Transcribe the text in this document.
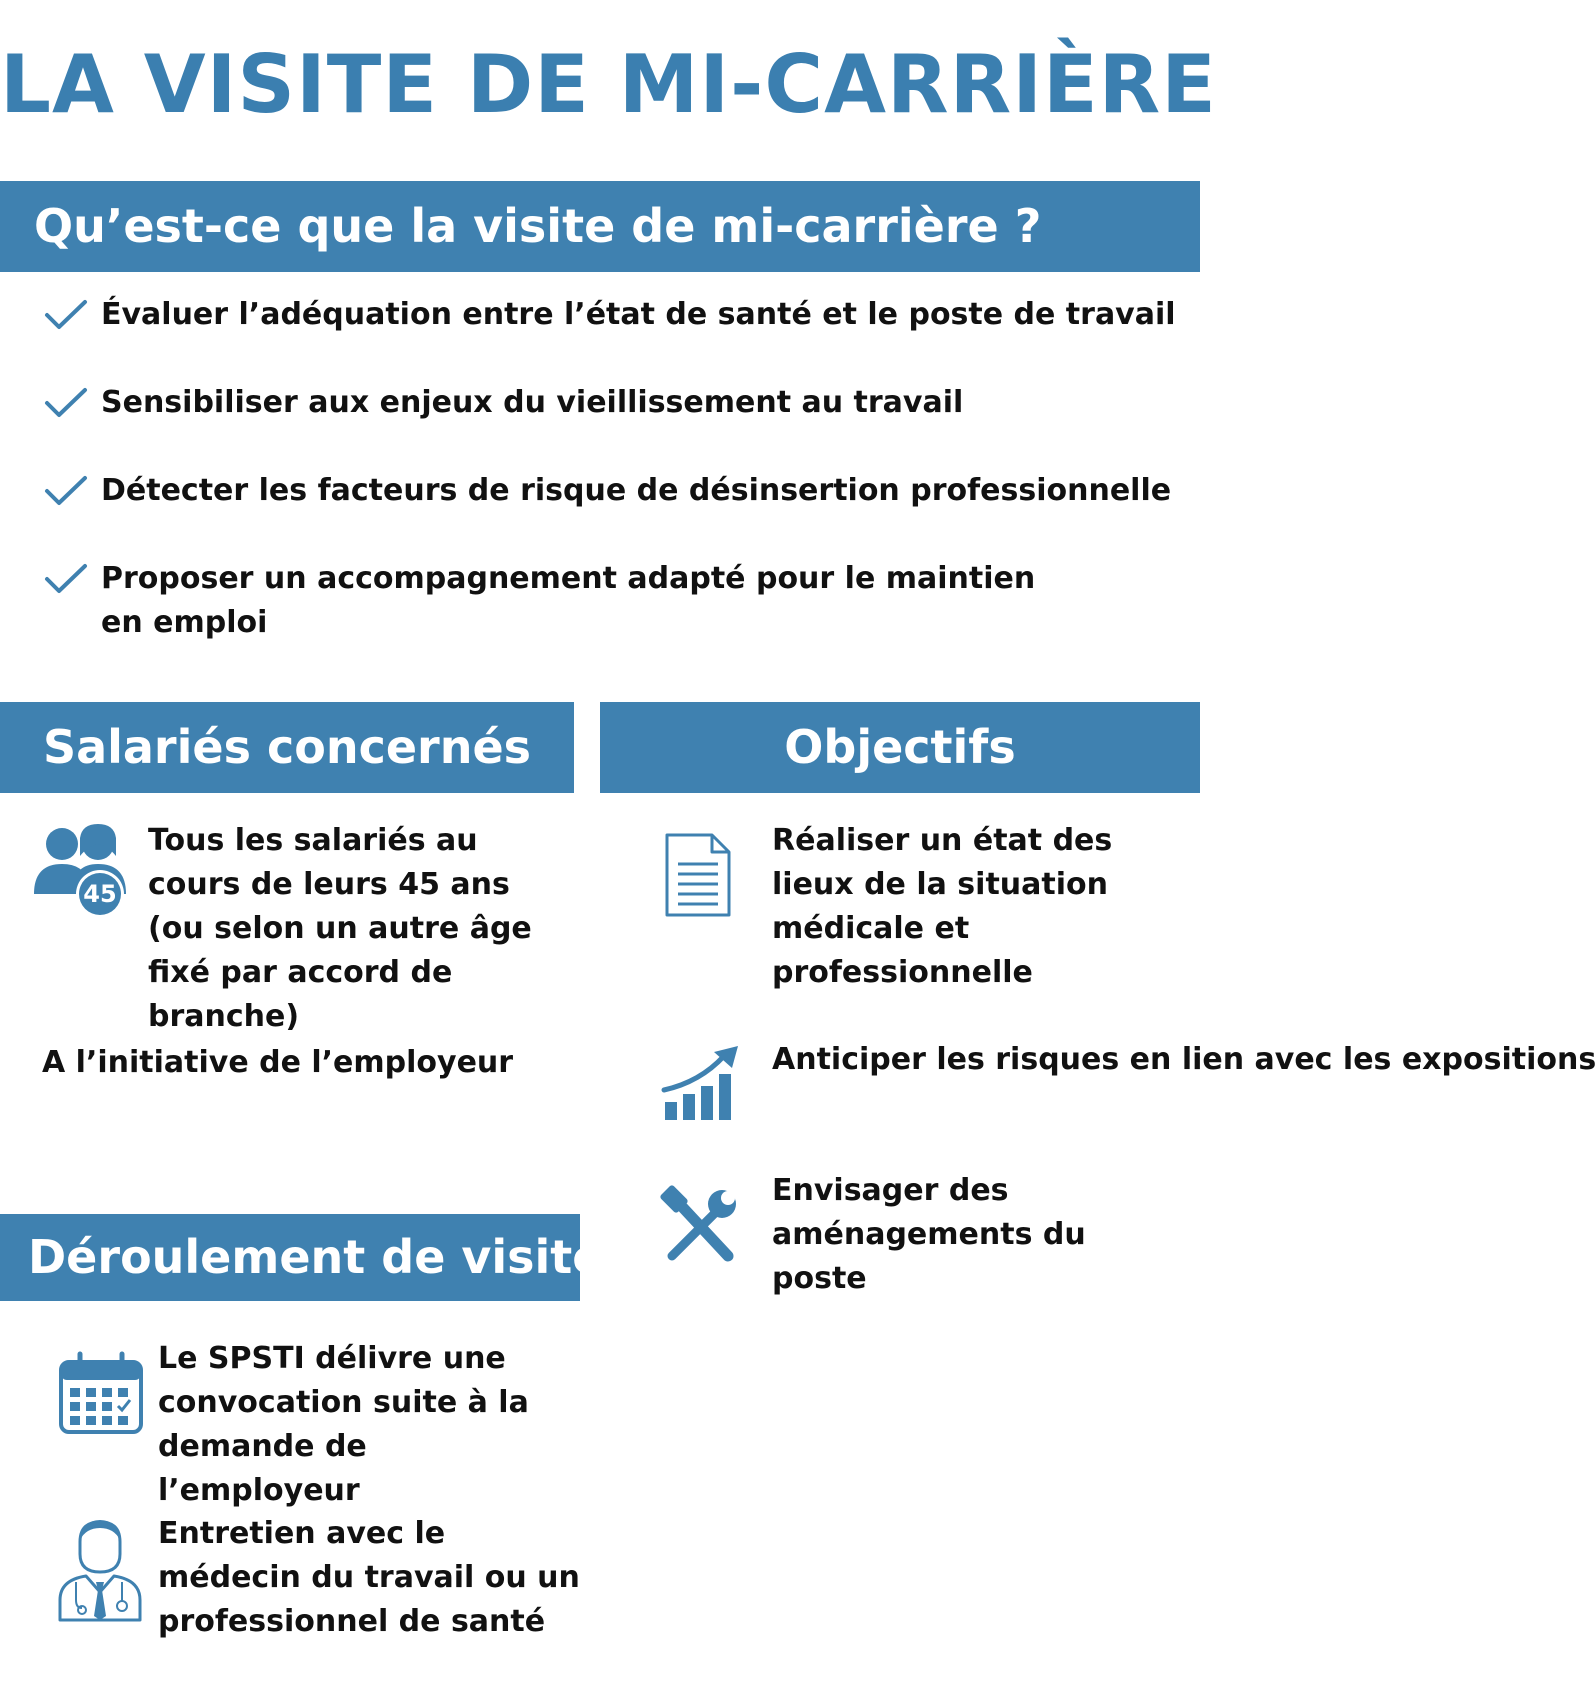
LA VISITE DE MI-CARRIÈRE
Qu’est-ce que la visite de mi-carrière ?
Évaluer l’adéquation entre l’état de santé et le poste de travail
Sensibiliser aux enjeux du vieillissement au travail
Détecter les facteurs de risque de désinsertion professionnelle
Proposer un accompagnement adapté pour le maintien en emploi
Salariés concernés
45
Tous les salariés au cours de leurs 45 ans (ou selon un autre âge fixé par accord de branche)
A l’initiative de l’employeur
Objectifs
Réaliser un état des lieux de la situation médicale et professionnelle
Anticiper les risques en lien avec les expositions
Envisager des aménagements du poste
Déroulement de visite
Le SPSTI délivre une convocation suite à la demande de l’employeur
Entretien avec le médecin du travail ou un professionnel de santé
